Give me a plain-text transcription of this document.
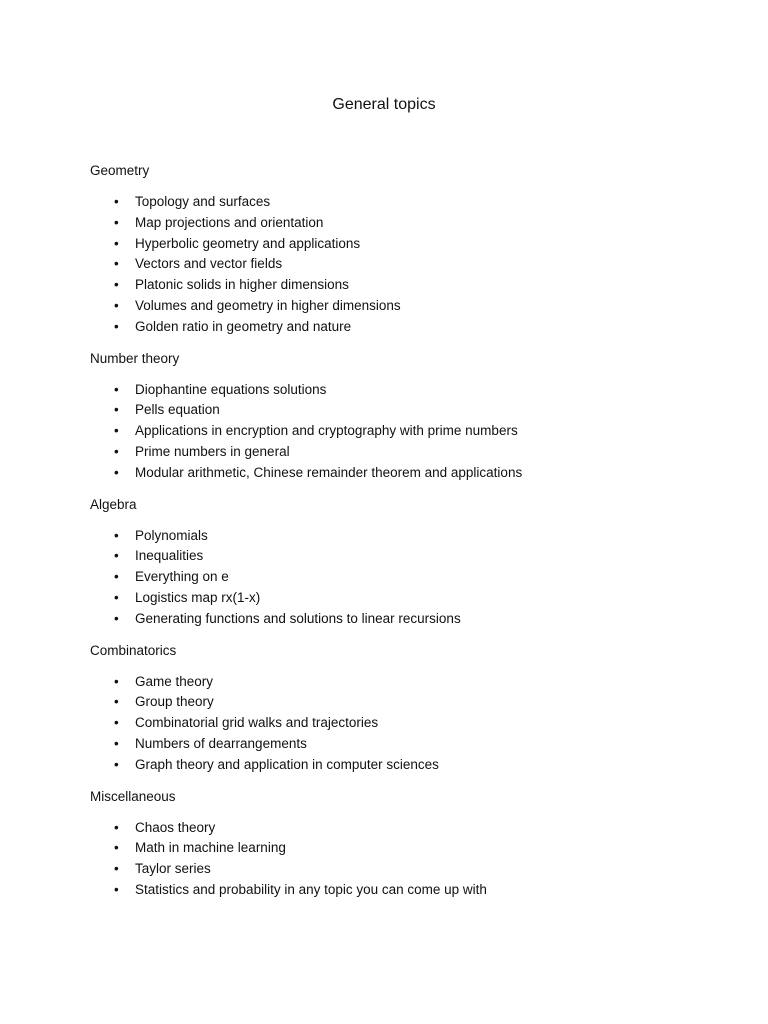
General topics
Geometry
• Topology and surfaces
• Map projections and orientation
• Hyperbolic geometry and applications
• Vectors and vector fields
• Platonic solids in higher dimensions
• Volumes and geometry in higher dimensions
• Golden ratio in geometry and nature
Number theory
• Diophantine equations solutions
• Pells equation
• Applications in encryption and cryptography with prime numbers
• Prime numbers in general
• Modular arithmetic, Chinese remainder theorem and applications
Algebra
• Polynomials
• Inequalities
• Everything on e
• Logistics map rx(1-x)
• Generating functions and solutions to linear recursions
Combinatorics
• Game theory
• Group theory
• Combinatorial grid walks and trajectories
• Numbers of dearrangements
• Graph theory and application in computer sciences
Miscellaneous
• Chaos theory
• Math in machine learning
• Taylor series
• Statistics and probability in any topic you can come up with
